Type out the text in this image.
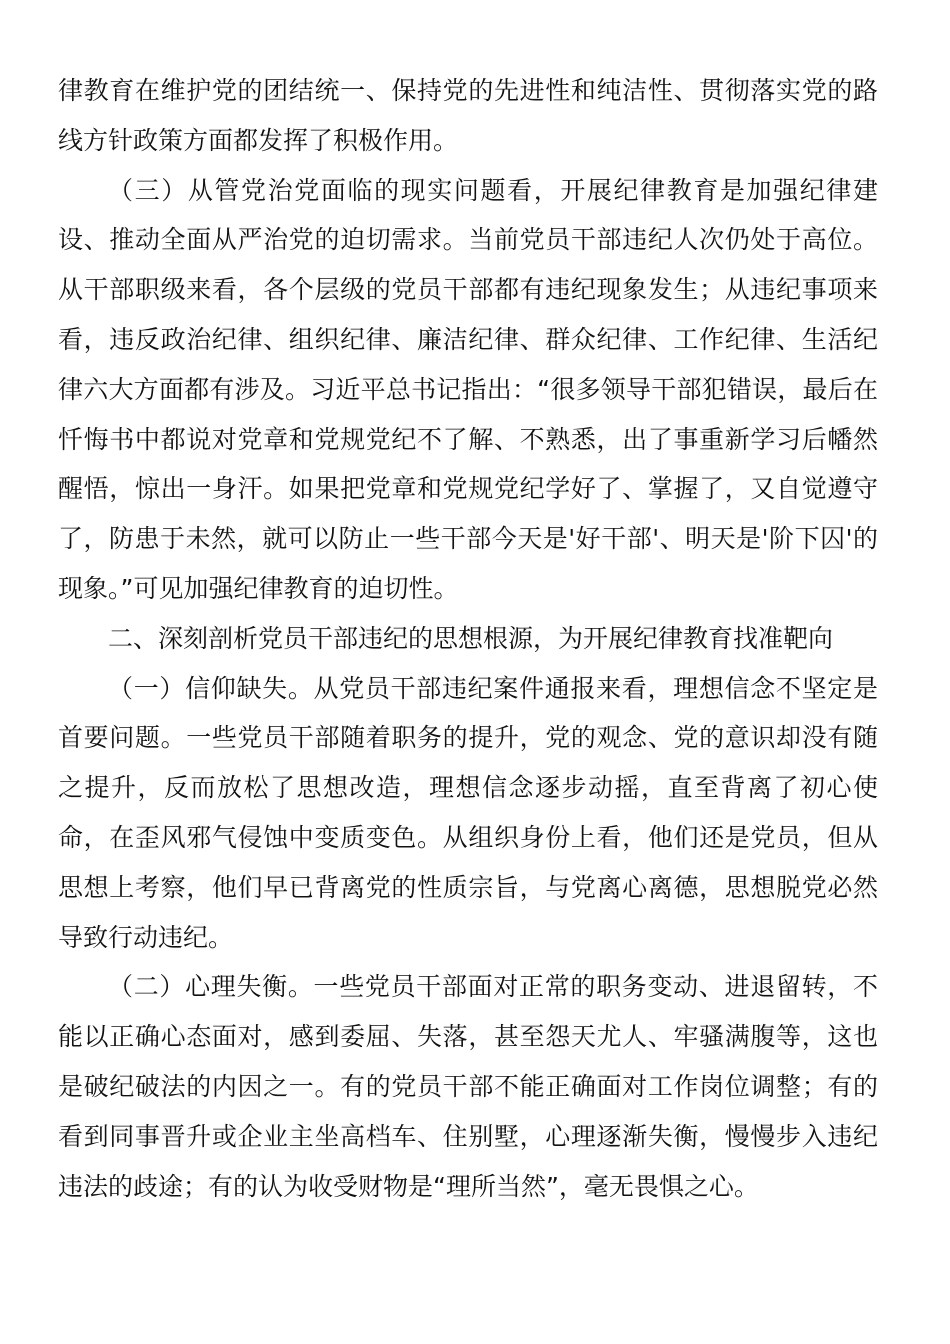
律教育在维护党的团结统一、保持党的先进性和纯洁性、贯彻落实党的路线方针政策方面都发挥了积极作用。

（三）从管党治党面临的现实问题看，开展纪律教育是加强纪律建设、推动全面从严治党的迫切需求。当前党员干部违纪人次仍处于高位。从干部职级来看，各个层级的党员干部都有违纪现象发生；从违纪事项来看，违反政治纪律、组织纪律、廉洁纪律、群众纪律、工作纪律、生活纪律六大方面都有涉及。习近平总书记指出：“很多领导干部犯错误，最后在忏悔书中都说对党章和党规党纪不了解、不熟悉，出了事重新学习后幡然醒悟，惊出一身汗。如果把党章和党规党纪学好了、掌握了，又自觉遵守了，防患于未然，就可以防止一些干部今天是'好干部'、明天是'阶下囚'的现象。”可见加强纪律教育的迫切性。

二、深刻剖析党员干部违纪的思想根源，为开展纪律教育找准靶向

（一）信仰缺失。从党员干部违纪案件通报来看，理想信念不坚定是首要问题。一些党员干部随着职务的提升，党的观念、党的意识却没有随之提升，反而放松了思想改造，理想信念逐步动摇，直至背离了初心使命，在歪风邪气侵蚀中变质变色。从组织身份上看，他们还是党员，但从思想上考察，他们早已背离党的性质宗旨，与党离心离德，思想脱党必然导致行动违纪。

（二）心理失衡。一些党员干部面对正常的职务变动、进退留转，不能以正确心态面对，感到委屈、失落，甚至怨天尤人、牢骚满腹等，这也是破纪破法的内因之一。有的党员干部不能正确面对工作岗位调整；有的看到同事晋升或企业主坐高档车、住别墅，心理逐渐失衡，慢慢步入违纪违法的歧途；有的认为收受财物是“理所当然”，毫无畏惧之心。
